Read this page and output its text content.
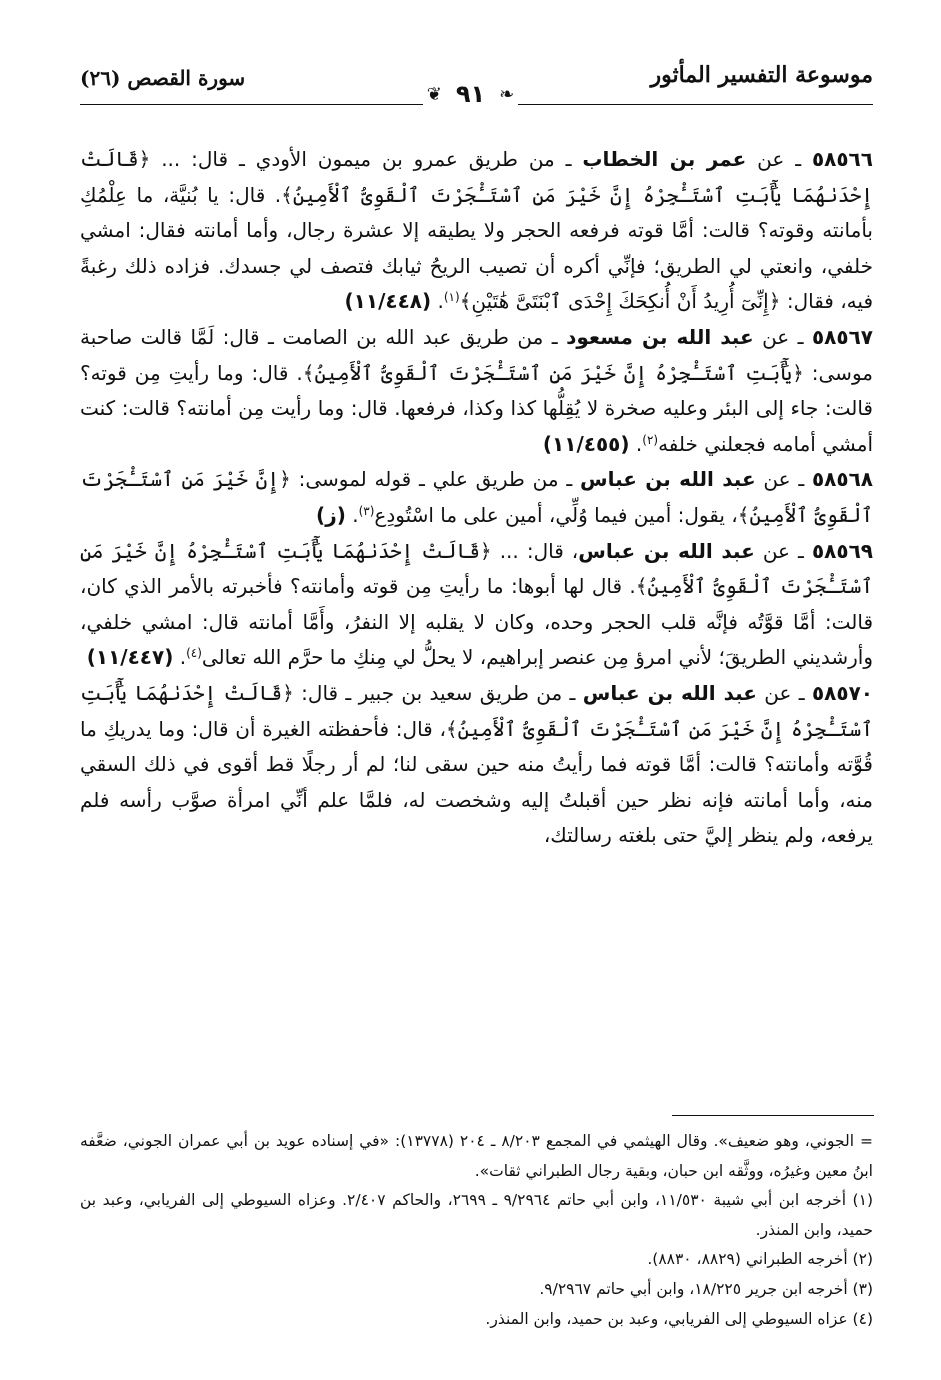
موسوعة التفسير المأثور
سورة القصص (٢٦)
❧٩١❦

٥٨٥٦٦ ـ عن عمر بن الخطاب ـ من طريق عمرو بن ميمون الأودي ـ قال: ... ﴿قَالَتْ إِحْدَىٰهُمَا يَٰٓأَبَتِ ٱسْتَـْٔجِرْهُ إِنَّ خَيْرَ مَنِ ٱسْتَـْٔجَرْتَ ٱلْقَوِىُّ ٱلْأَمِينُ﴾. قال: يا بُنيَّة، ما عِلْمُكِ بأمانته وقوته؟ قالت: أمَّا قوته فرفعه الحجر ولا يطيقه إلا عشرة رجال، وأما أمانته فقال: امشي خلفي، وانعتي لي الطريق؛ فإنِّي أكره أن تصيب الريحُ ثيابك فتصف لي جسدك. فزاده ذلك رغبةً فيه، فقال: ﴿إِنِّىٓ أُرِيدُ أَنْ أُنكِحَكَ إِحْدَى ٱبْنَتَىَّ هَٰتَيْنِ﴾$^{(١)}$. (١١/٤٤٨)

٥٨٥٦٧ ـ عن عبد الله بن مسعود ـ من طريق عبد الله بن الصامت ـ قال: لَمَّا قالت صاحبة موسى: ﴿يَٰٓأَبَتِ ٱسْتَـْٔجِرْهُ إِنَّ خَيْرَ مَنِ ٱسْتَـْٔجَرْتَ ٱلْقَوِىُّ ٱلْأَمِينُ﴾. قال: وما رأيتِ مِن قوته؟ قالت: جاء إلى البئر وعليه صخرة لا يُقِلُّها كذا وكذا، فرفعها. قال: وما رأيت مِن أمانته؟ قالت: كنت أمشي أمامه فجعلني خلفه$^{(٢)}$. (١١/٤٥٥)

٥٨٥٦٨ ـ عن عبد الله بن عباس ـ من طريق علي ـ قوله لموسى: ﴿إِنَّ خَيْرَ مَنِ ٱسْتَـْٔجَرْتَ ٱلْقَوِىُّ ٱلْأَمِينُ﴾، يقول: أمين فيما وُلِّي، أمين على ما اسْتُودِع$^{(٣)}$. (ز)

٥٨٥٦٩ ـ عن عبد الله بن عباس، قال: ... ﴿قَالَتْ إِحْدَىٰهُمَا يَٰٓأَبَتِ ٱسْتَـْٔجِرْهُ إِنَّ خَيْرَ مَنِ ٱسْتَـْٔجَرْتَ ٱلْقَوِىُّ ٱلْأَمِينُ﴾. قال لها أبوها: ما رأيتِ مِن قوته وأمانته؟ فأخبرته بالأمر الذي كان، قالت: أمَّا قوَّتُه فإنَّه قلب الحجر وحده، وكان لا يقلبه إلا النفرُ، وأَمَّا أمانته قال: امشي خلفي، وأرشديني الطريقَ؛ لأني امرؤ مِن عنصر إبراهيم، لا يحلُّ لي مِنكِ ما حرَّم الله تعالى$^{(٤)}$. (١١/٤٤٧)

٥٨٥٧٠ ـ عن عبد الله بن عباس ـ من طريق سعيد بن جبير ـ قال: ﴿قَالَتْ إِحْدَىٰهُمَا يَٰٓأَبَتِ ٱسْتَـْٔجِرْهُ إِنَّ خَيْرَ مَنِ ٱسْتَـْٔجَرْتَ ٱلْقَوِىُّ ٱلْأَمِينُ﴾، قال: فأحفظته الغيرة أن قال: وما يدريكِ ما قُوَّته وأمانته؟ قالت: أمَّا قوته فما رأيتُ منه حين سقى لنا؛ لم أر رجلًا قط أقوى في ذلك السقي منه، وأما أمانته فإنه نظر حين أقبلتُ إليه وشخصت له، فلمَّا علم أنِّي امرأة صوَّب رأسه فلم يرفعه، ولم ينظر إليَّ حتى بلغته رسالتك،

= الجوني، وهو ضعيف». وقال الهيثمي في المجمع ٨/٢٠٣ ـ ٢٠٤ (١٣٧٧٨): «في إسناده عويد بن أبي عمران الجوني، ضعَّفه ابنُ معين وغيرُه، ووثَّقه ابن حبان، وبقية رجال الطبراني ثقات».

(١) أخرجه ابن أبي شيبة ١١/٥٣٠، وابن أبي حاتم ٩/٢٩٦٤ ـ ٢٦٩٩، والحاكم ٢/٤٠٧. وعزاه السيوطي إلى الفريابي، وعبد بن حميد، وابن المنذر.

(٢) أخرجه الطبراني (٨٨٢٩، ٨٨٣٠).

(٣) أخرجه ابن جرير ١٨/٢٢٥، وابن أبي حاتم ٩/٢٩٦٧.

(٤) عزاه السيوطي إلى الفريابي، وعبد بن حميد، وابن المنذر.
